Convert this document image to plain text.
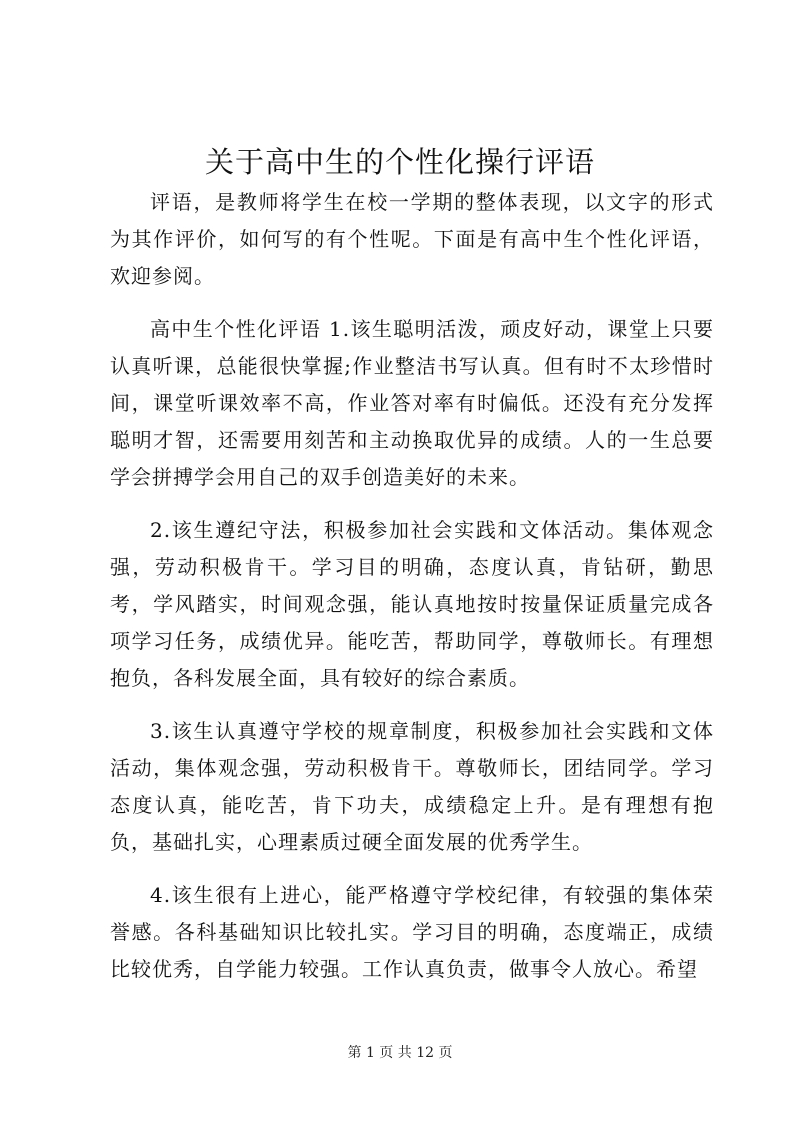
关于高中生的个性化操行评语

评语，是教师将学生在校一学期的整体表现，以文字的形式为其作评价，如何写的有个性呢。下面是有高中生个性化评语，欢迎参阅。

高中生个性化评语 1.该生聪明活泼，顽皮好动，课堂上只要认真听课，总能很快掌握;作业整洁书写认真。但有时不太珍惜时间，课堂听课效率不高，作业答对率有时偏低。还没有充分发挥聪明才智，还需要用刻苦和主动换取优异的成绩。人的一生总要学会拼搏学会用自己的双手创造美好的未来。

2.该生遵纪守法，积极参加社会实践和文体活动。集体观念强，劳动积极肯干。学习目的明确，态度认真，肯钻研，勤思考，学风踏实，时间观念强，能认真地按时按量保证质量完成各项学习任务，成绩优异。能吃苦，帮助同学，尊敬师长。有理想抱负，各科发展全面，具有较好的综合素质。

3.该生认真遵守学校的规章制度，积极参加社会实践和文体活动，集体观念强，劳动积极肯干。尊敬师长，团结同学。学习态度认真，能吃苦，肯下功夫，成绩稳定上升。是有理想有抱负，基础扎实，心理素质过硬全面发展的优秀学生。

4.该生很有上进心，能严格遵守学校纪律，有较强的集体荣誉感。各科基础知识比较扎实。学习目的明确，态度端正，成绩比较优秀，自学能力较强。工作认真负责，做事令人放心。希望

第 1 页 共 12 页
